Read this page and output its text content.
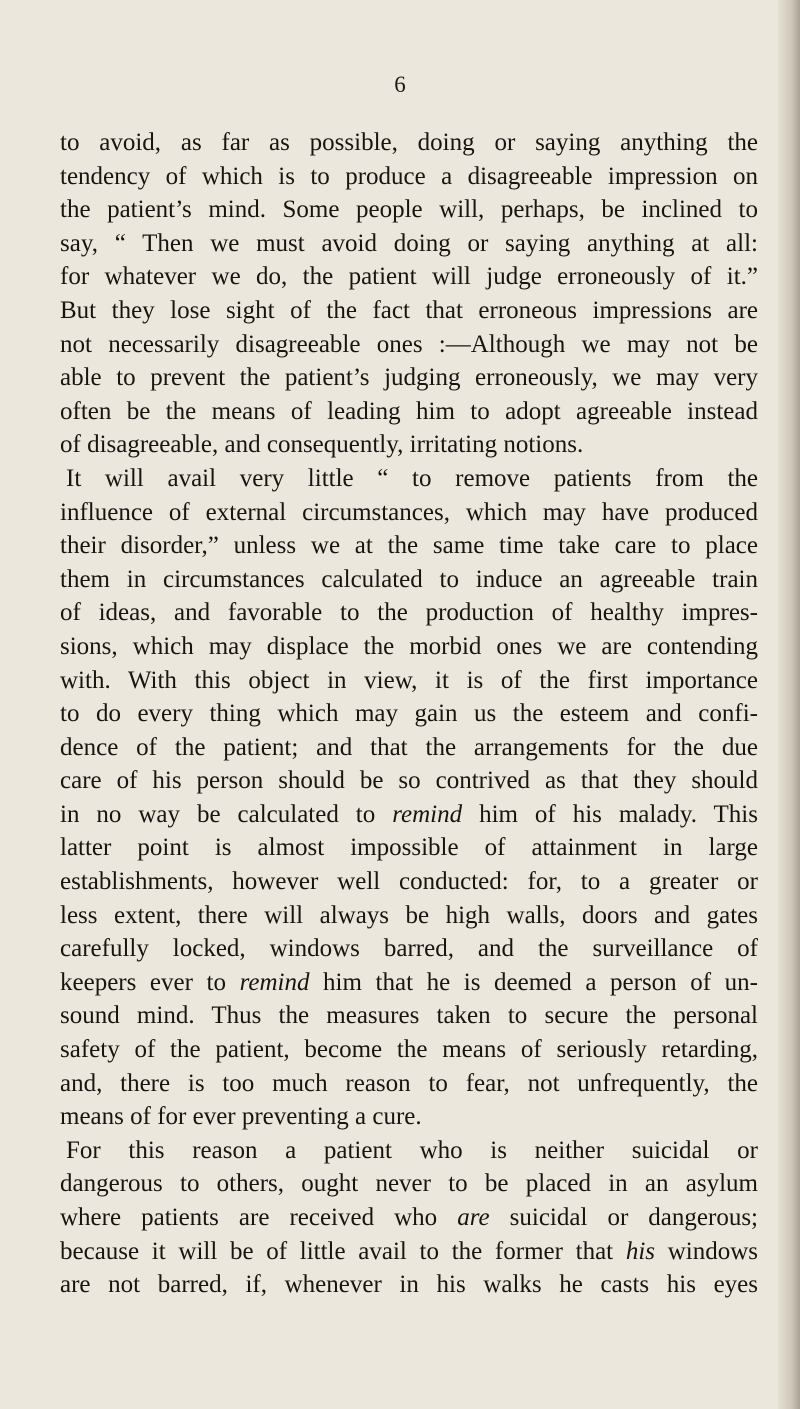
6

to avoid, as far as possible, doing or saying anything the

tendency of which is to produce a disagreeable impression on

the patient’s mind. Some people will, perhaps, be inclined to

say, “ Then we must avoid doing or saying anything at all:

for whatever we do, the patient will judge erroneously of it.”

But they lose sight of the fact that erroneous impressions are

not necessarily disagreeable ones :—Although we may not be

able to prevent the patient’s judging erroneously, we may very

often be the means of leading him to adopt agreeable instead

of disagreeable, and consequently, irritating notions.

It will avail very little “ to remove patients from the

influence of external circumstances, which may have produced

their disorder,” unless we at the same time take care to place

them in circumstances calculated to induce an agreeable train

of ideas, and favorable to the production of healthy impres-

sions, which may displace the morbid ones we are contending

with. With this object in view, it is of the first importance

to do every thing which may gain us the esteem and confi-

dence of the patient; and that the arrangements for the due

care of his person should be so contrived as that they should

in no way be calculated to remind him of his malady. This

latter point is almost impossible of attainment in large

establishments, however well conducted: for, to a greater or

less extent, there will always be high walls, doors and gates

carefully locked, windows barred, and the surveillance of

keepers ever to remind him that he is deemed a person of un-

sound mind. Thus the measures taken to secure the personal

safety of the patient, become the means of seriously retarding,

and, there is too much reason to fear, not unfrequently, the

means of for ever preventing a cure.

For this reason a patient who is neither suicidal or

dangerous to others, ought never to be placed in an asylum

where patients are received who are suicidal or dangerous;

because it will be of little avail to the former that his windows

are not barred, if, whenever in his walks he casts his eyes
